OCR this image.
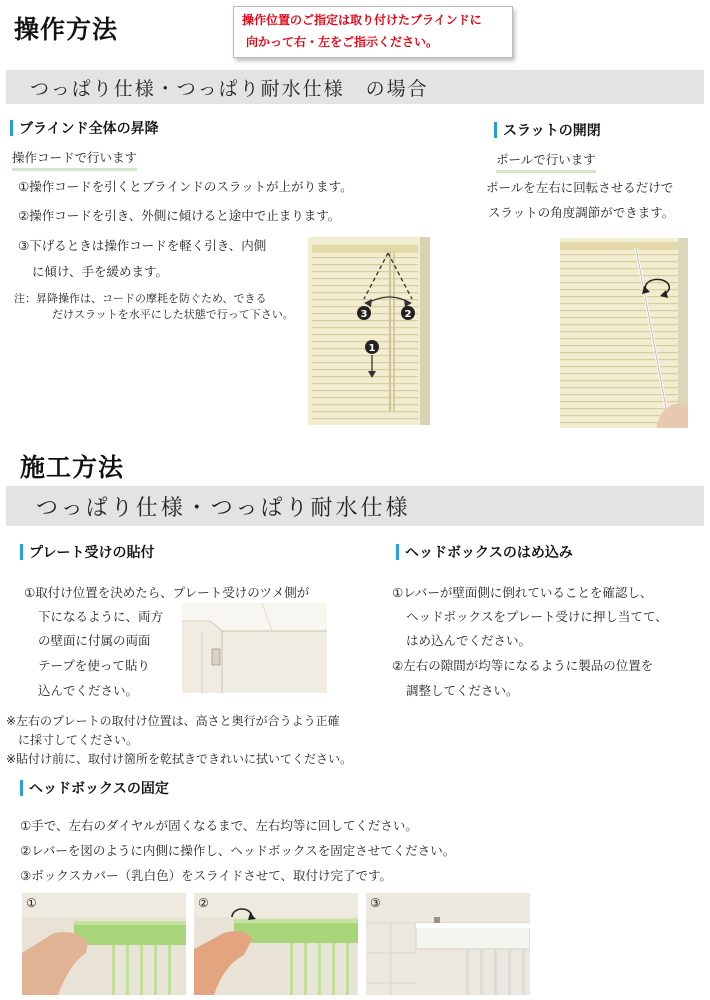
操作方法	操作位置のご指定は取り付けたブラインドに
向かって右・左をご指示ください。
つっぱり仕様・つっぱり耐水仕様　の場合
ブラインド全体の昇降
操作コードで行います
①操作コードを引くとブラインドのスラットが上がります。
②操作コードを引き、外側に傾けると途中で止まります。
③下げるときは操作コードを軽く引き、内側
に傾け、手を緩めます。
注：昇降操作は、コードの摩耗を防ぐため、できる
だけスラットを水平にした状態で行って下さい。	3	2
1
スラットの開閉
ポールで行います
ポールを左右に回転させるだけで
スラットの角度調節ができます。
施工方法
つっぱり仕様・つっぱり耐水仕様
プレート受けの貼付
①取付け位置を決めたら、プレート受けのツメ側が
下になるように、両方
の壁面に付属の両面
テープを使って貼り
込んでください。
※左右のプレートの取付け位置は、高さと奥行が合うよう正確
に採寸してください。
※貼付け前に、取付け箇所を乾拭きできれいに拭いてください。
ヘッドボックスのはめ込み
①レバーが壁面側に倒れていることを確認し、
ヘッドボックスをプレート受けに押し当てて、
はめ込んでください。
②左右の隙間が均等になるように製品の位置を
調整してください。
ヘッドボックスの固定
①手で、左右のダイヤルが固くなるまで、左右均等に回してください。
②レバーを図のように内側に操作し、ヘッドボックスを固定させてください。
③ボックスカバー（乳白色）をスライドさせて、取付け完了です。
①	②	③
